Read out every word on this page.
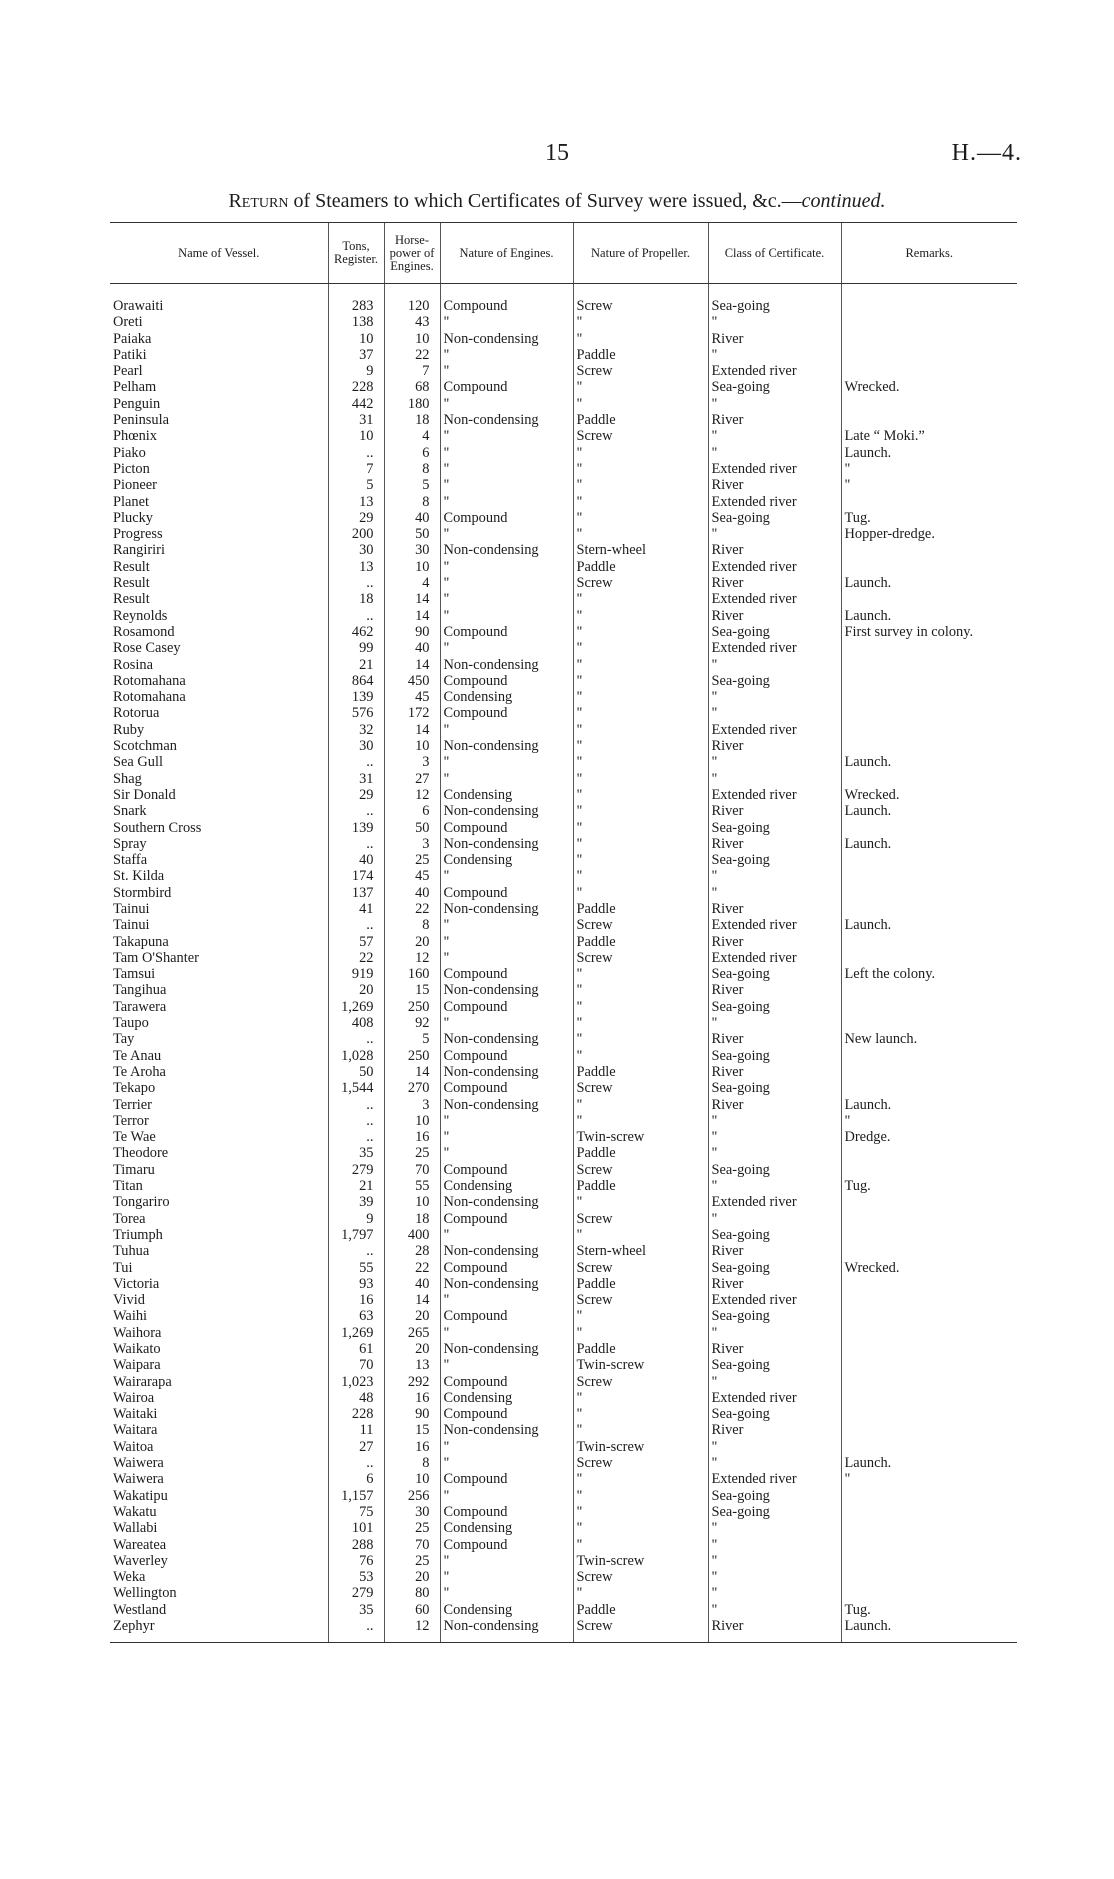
15	H.—4.
Return of Steamers to which Certificates of Survey were issued, &c.—continued.
Name of Vessel.	Tons, Register.	Horse-power of Engines.	Nature of Engines.	Nature of Propeller.	Class of Certificate.	Remarks.
Orawaiti	283	120	Compound	Screw	Sea-going	
Oreti	138	43	"	"	"	
Paiaka	10	10	Non-condensing	"	River	
Patiki	37	22	"	Paddle	"	
Pearl	9	7	"	Screw	Extended river	
Pelham	228	68	Compound	"	Sea-going	Wrecked.
Penguin	442	180	"	"	"	
Peninsula	31	18	Non-condensing	Paddle	River	
Phœnix	10	4	"	Screw	"	Late “ Moki.”
Piako	..	6	"	"	"	Launch.
Picton	7	8	"	"	Extended river	"
Pioneer	5	5	"	"	River	"
Planet	13	8	"	"	Extended river	
Plucky	29	40	Compound	"	Sea-going	Tug.
Progress	200	50	"	"	"	Hopper-dredge.
Rangiriri	30	30	Non-condensing	Stern-wheel	River	
Result	13	10	"	Paddle	Extended river	
Result	..	4	"	Screw	River	Launch.
Result	18	14	"	"	Extended river	
Reynolds	..	14	"	"	River	Launch.
Rosamond	462	90	Compound	"	Sea-going	First survey in colony.
Rose Casey	99	40	"	"	Extended river	
Rosina	21	14	Non-condensing	"	"	
Rotomahana	864	450	Compound	"	Sea-going	
Rotomahana	139	45	Condensing	"	"	
Rotorua	576	172	Compound	"	"	
Ruby	32	14	"	"	Extended river	
Scotchman	30	10	Non-condensing	"	River	
Sea Gull	..	3	"	"	"	Launch.
Shag	31	27	"	"	"	
Sir Donald	29	12	Condensing	"	Extended river	Wrecked.
Snark	..	6	Non-condensing	"	River	Launch.
Southern Cross	139	50	Compound	"	Sea-going	
Spray	..	3	Non-condensing	"	River	Launch.
Staffa	40	25	Condensing	"	Sea-going	
St. Kilda	174	45	"	"	"	
Stormbird	137	40	Compound	"	"	
Tainui	41	22	Non-condensing	Paddle	River	
Tainui	..	8	"	Screw	Extended river	Launch.
Takapuna	57	20	"	Paddle	River	
Tam O'Shanter	22	12	"	Screw	Extended river	
Tamsui	919	160	Compound	"	Sea-going	Left the colony.
Tangihua	20	15	Non-condensing	"	River	
Tarawera	1,269	250	Compound	"	Sea-going	
Taupo	408	92	"	"	"	
Tay	..	5	Non-condensing	"	River	New launch.
Te Anau	1,028	250	Compound	"	Sea-going	
Te Aroha	50	14	Non-condensing	Paddle	River	
Tekapo	1,544	270	Compound	Screw	Sea-going	
Terrier	..	3	Non-condensing	"	River	Launch.
Terror	..	10	"	"	"	"
Te Wae	..	16	"	Twin-screw	"	Dredge.
Theodore	35	25	"	Paddle	"	
Timaru	279	70	Compound	Screw	Sea-going	
Titan	21	55	Condensing	Paddle	"	Tug.
Tongariro	39	10	Non-condensing	"	Extended river	
Torea	9	18	Compound	Screw	"	
Triumph	1,797	400	"	"	Sea-going	
Tuhua	..	28	Non-condensing	Stern-wheel	River	
Tui	55	22	Compound	Screw	Sea-going	Wrecked.
Victoria	93	40	Non-condensing	Paddle	River	
Vivid	16	14	"	Screw	Extended river	
Waihi	63	20	Compound	"	Sea-going	
Waihora	1,269	265	"	"	"	
Waikato	61	20	Non-condensing	Paddle	River	
Waipara	70	13	"	Twin-screw	Sea-going	
Wairarapa	1,023	292	Compound	Screw	"	
Wairoa	48	16	Condensing	"	Extended river	
Waitaki	228	90	Compound	"	Sea-going	
Waitara	11	15	Non-condensing	"	River	
Waitoa	27	16	"	Twin-screw	"	
Waiwera	..	8	"	Screw	"	Launch.
Waiwera	6	10	Compound	"	Extended river	"
Wakatipu	1,157	256	"	"	Sea-going	
Wakatu	75	30	Compound	"	Sea-going	
Wallabi	101	25	Condensing	"	"	
Wareatea	288	70	Compound	"	"	
Waverley	76	25	"	Twin-screw	"	
Weka	53	20	"	Screw	"	
Wellington	279	80	"	"	"	
Westland	35	60	Condensing	Paddle	"	Tug.
Zephyr	..	12	Non-condensing	Screw	River	Launch.
